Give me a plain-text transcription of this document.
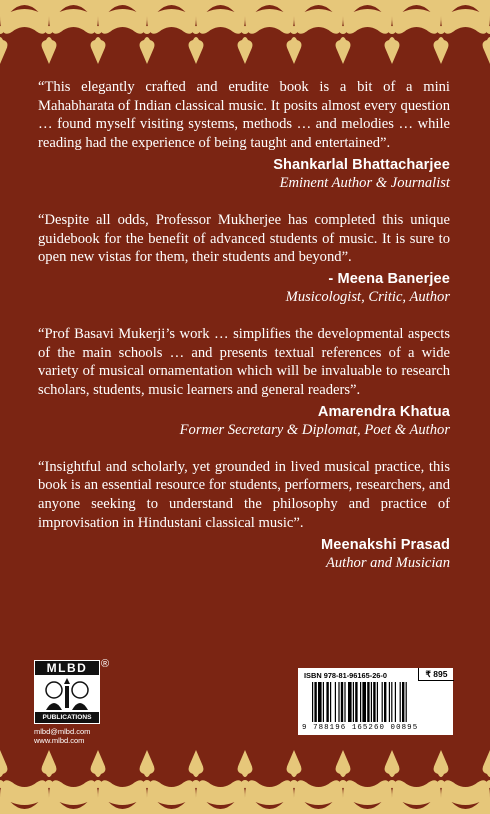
“This elegantly crafted and erudite book is a bit of a mini Mahabharata of Indian classical music. It posits almost every question … found myself visiting systems, methods … and melodies … while reading had the experience of being taught and entertained”.

Shankarlal Bhattacharjee
Eminent Author & Journalist

“Despite all odds, Professor Mukherjee has completed this unique guidebook for the benefit of advanced students of music. It is sure to open new vistas for them, their students and beyond”.

- Meena Banerjee
Musicologist, Critic, Author

“Prof Basavi Mukerji’s work … simplifies the developmental aspects of the main schools … and presents textual references of a wide variety of musical ornamentation which will be invaluable to research scholars, students, music learners and general readers”.

Amarendra Khatua
Former Secretary & Diplomat, Poet & Author

“Insightful and scholarly, yet grounded in lived musical practice, this book is an essential resource for students, performers, researchers, and anyone seeking to understand the philosophy and practice of improvisation in Hindustani classical music”.

Meenakshi Prasad
Author and Musician
MLBD
PUBLICATIONS
®
mlbd@mlbd.com
www.mlbd.com
ISBN 978-81-96165-26-0	₹ 895
9 788196 165260 00895
